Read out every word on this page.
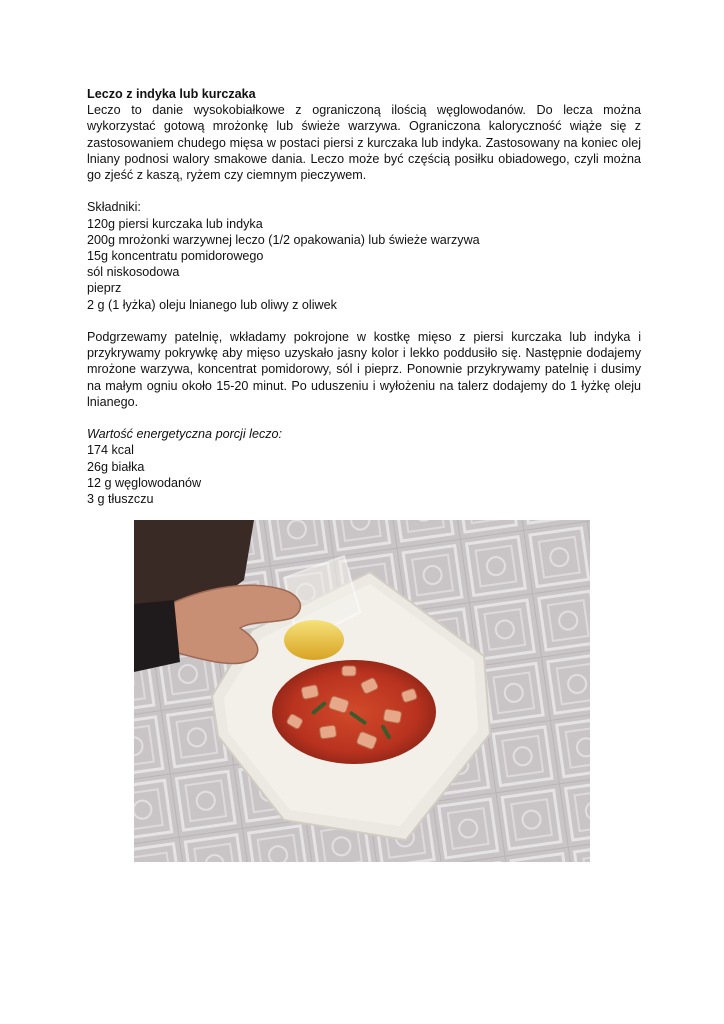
Leczo z indyka lub kurczaka

Leczo to danie wysokobiałkowe z ograniczoną ilością węglowodanów. Do lecza można wykorzystać gotową mrożonkę lub świeże warzywa. Ograniczona kaloryczność wiąże się z zastosowaniem chudego mięsa w postaci piersi z kurczaka lub indyka. Zastosowany na koniec olej lniany podnosi walory smakowe dania. Leczo może być częścią posiłku obiadowego, czyli można go zjeść z kaszą, ryżem czy ciemnym pieczywem.

Składniki:

120g piersi kurczaka lub indyka

200g mrożonki warzywnej leczo (1/2 opakowania) lub świeże warzywa

15g koncentratu pomidorowego

sól niskosodowa

pieprz

2 g (1 łyżka) oleju lnianego lub oliwy z oliwek

Podgrzewamy patelnię, wkładamy pokrojone w kostkę mięso z piersi kurczaka lub indyka i przykrywamy pokrywkę aby mięso uzyskało jasny kolor i lekko poddusiło się. Następnie dodajemy mrożone warzywa, koncentrat pomidorowy, sól i pieprz. Ponownie przykrywamy patelnię i dusimy na małym ogniu około 15-20 minut. Po uduszeniu i wyłożeniu na talerz dodajemy do 1 łyżkę oleju lnianego.

Wartość energetyczna porcji leczo:

174 kcal

26g białka

12 g węglowodanów

3 g tłuszczu
